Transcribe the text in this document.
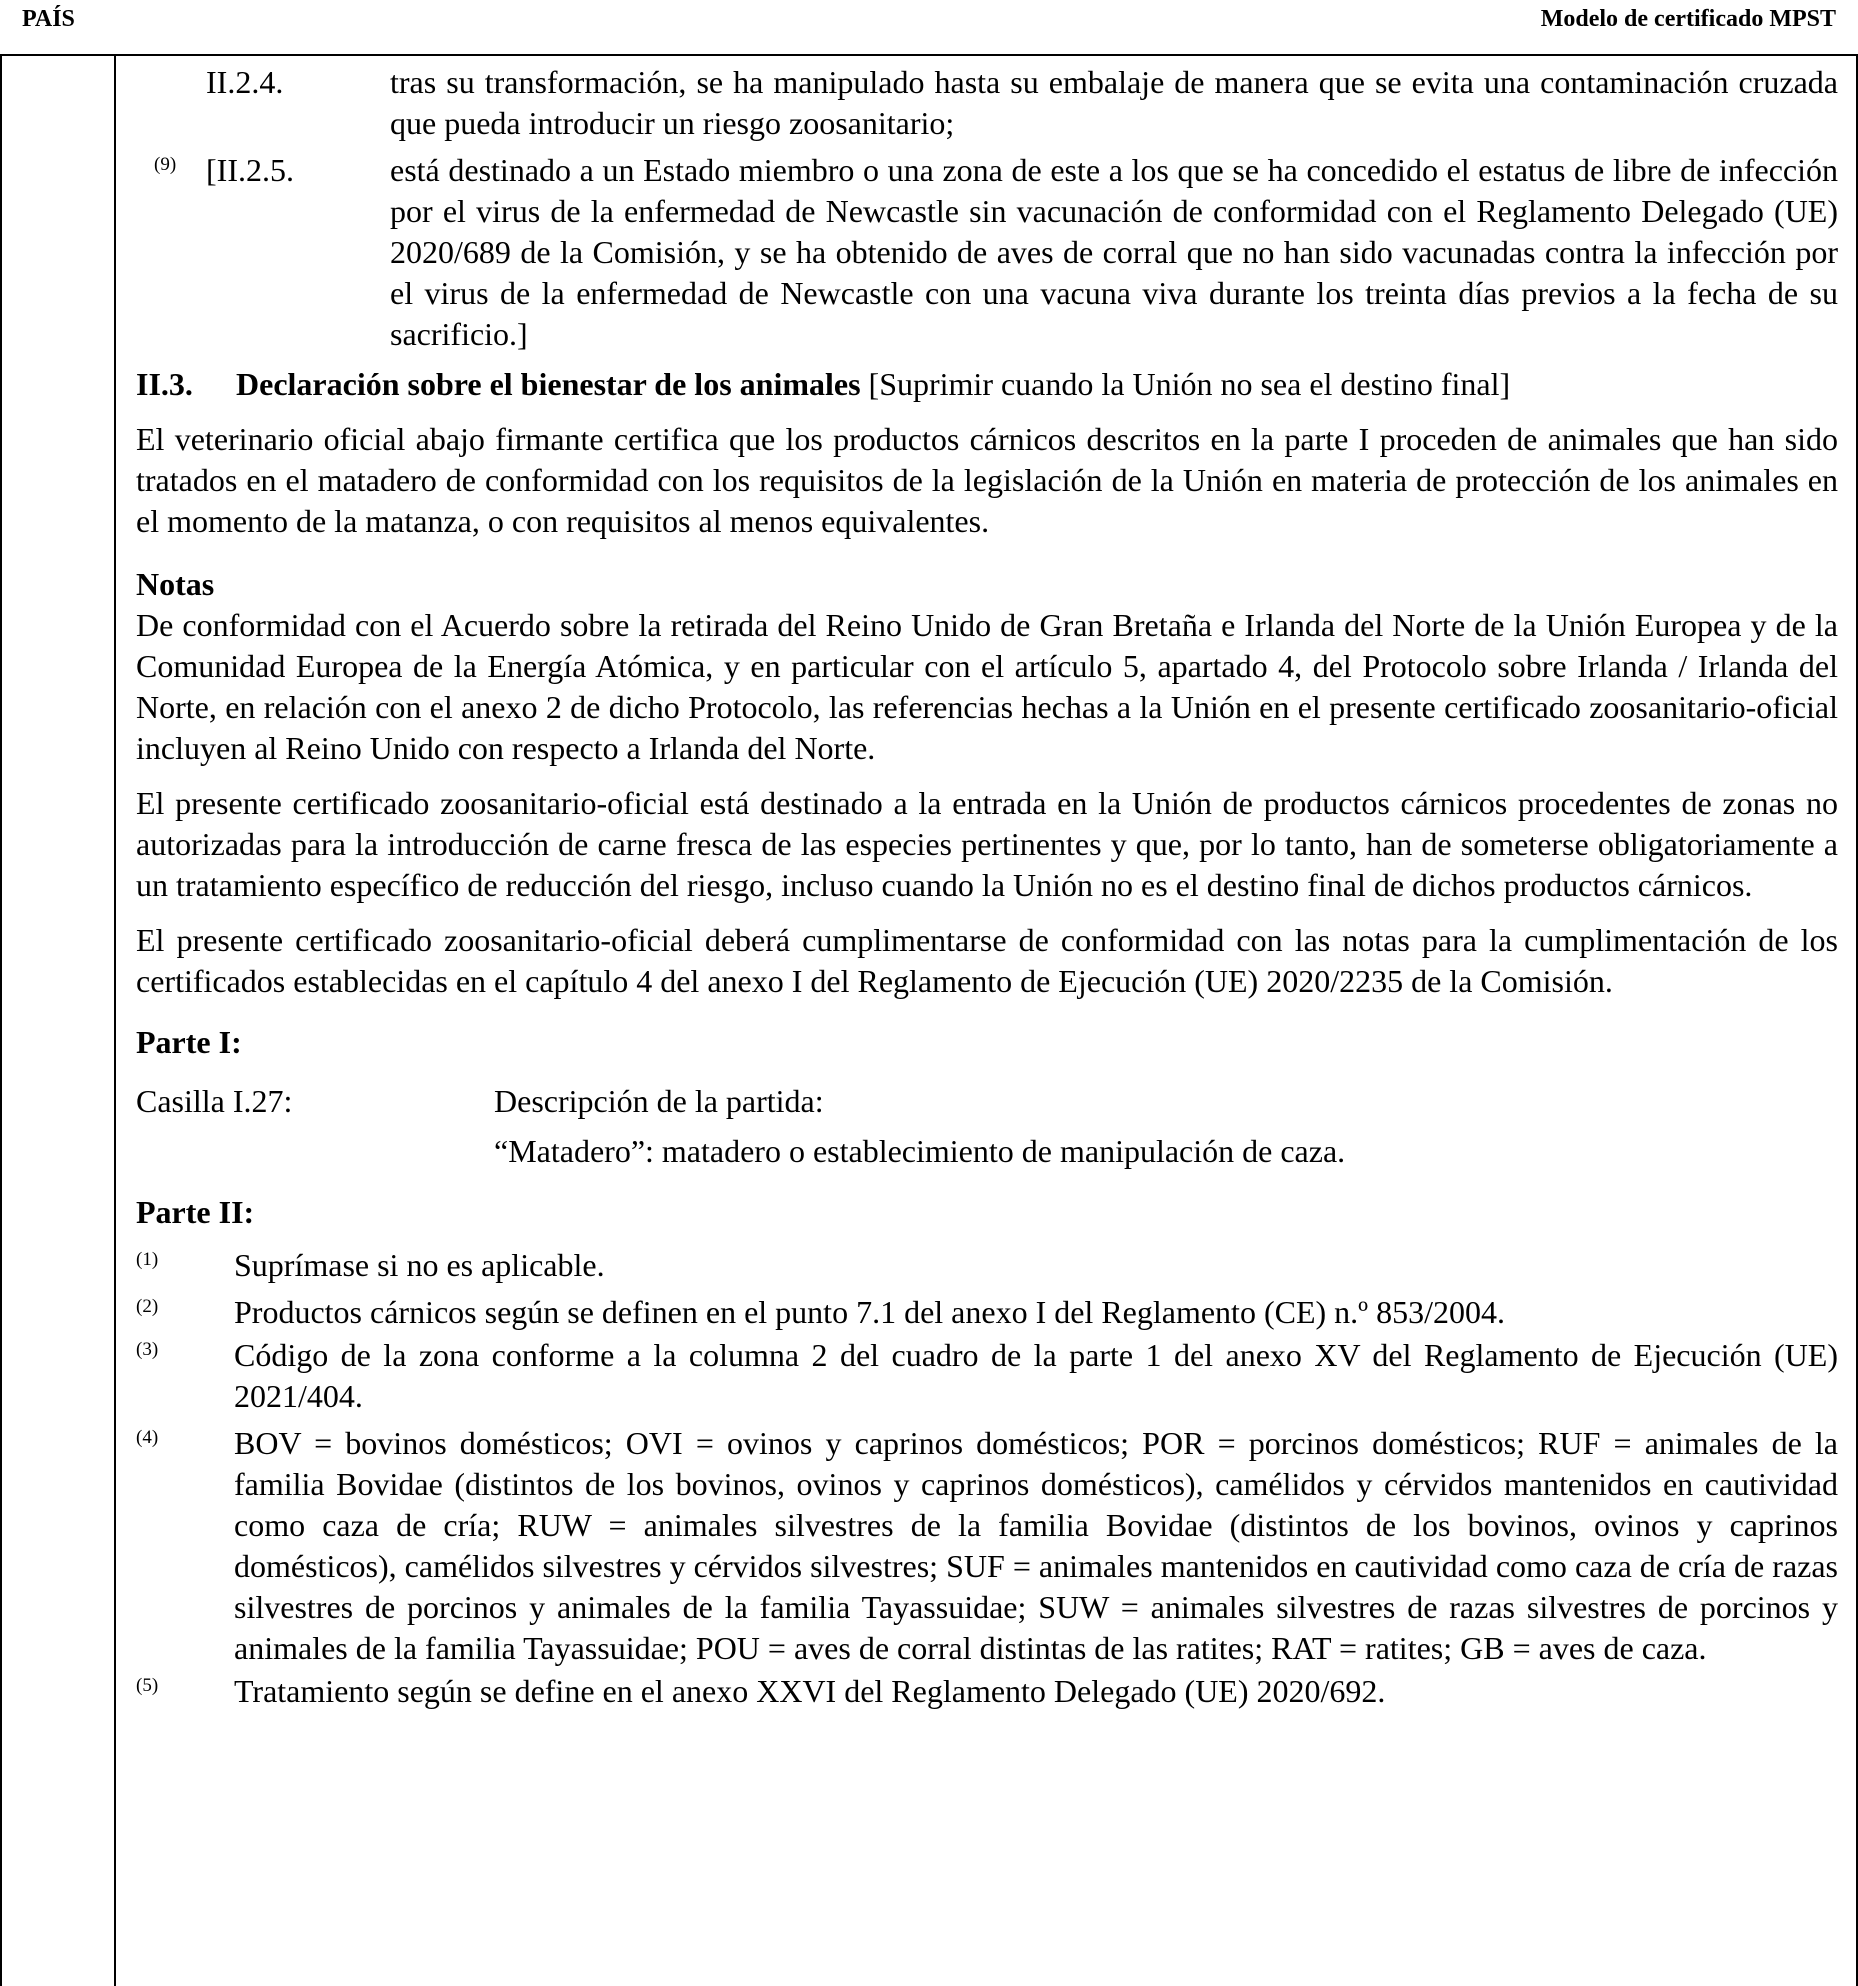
PAÍS	Modelo de certificado MPST
II.2.4.	tras su transformación, se ha manipulado hasta su embalaje de manera que se evita una contaminación cruzada que pueda introducir un riesgo zoosanitario;
(9) [II.2.5.	está destinado a un Estado miembro o una zona de este a los que se ha concedido el estatus de libre de infección por el virus de la enfermedad de Newcastle sin vacunación de conformidad con el Reglamento Delegado (UE) 2020/689 de la Comisión, y se ha obtenido de aves de corral que no han sido vacunadas contra la infección por el virus de la enfermedad de Newcastle con una vacuna viva durante los treinta días previos a la fecha de su sacrificio.]
II.3. Declaración sobre el bienestar de los animales [Suprimir cuando la Unión no sea el destino final]

El veterinario oficial abajo firmante certifica que los productos cárnicos descritos en la parte I proceden de animales que han sido tratados en el matadero de conformidad con los requisitos de la legislación de la Unión en materia de protección de los animales en el momento de la matanza, o con requisitos al menos equivalentes.

Notas

De conformidad con el Acuerdo sobre la retirada del Reino Unido de Gran Bretaña e Irlanda del Norte de la Unión Europea y de la Comunidad Europea de la Energía Atómica, y en particular con el artículo 5, apartado 4, del Protocolo sobre Irlanda / Irlanda del Norte, en relación con el anexo 2 de dicho Protocolo, las referencias hechas a la Unión en el presente certificado zoosanitario-oficial incluyen al Reino Unido con respecto a Irlanda del Norte.

El presente certificado zoosanitario-oficial está destinado a la entrada en la Unión de productos cárnicos procedentes de zonas no autorizadas para la introducción de carne fresca de las especies pertinentes y que, por lo tanto, han de someterse obligatoriamente a un tratamiento específico de reducción del riesgo, incluso cuando la Unión no es el destino final de dichos productos cárnicos.

El presente certificado zoosanitario-oficial deberá cumplimentarse de conformidad con las notas para la cumplimentación de los certificados establecidas en el capítulo 4 del anexo I del Reglamento de Ejecución (UE) 2020/2235 de la Comisión.

Parte I:
Casilla I.27:	Descripción de la partida:
“Matadero”: matadero o establecimiento de manipulación de caza.
Parte II:
(1) Suprímase si no es aplicable.
(2) Productos cárnicos según se definen en el punto 7.1 del anexo I del Reglamento (CE) n.º 853/2004.
(3) Código de la zona conforme a la columna 2 del cuadro de la parte 1 del anexo XV del Reglamento de Ejecución (UE) 2021/404.
(4) BOV = bovinos domésticos; OVI = ovinos y caprinos domésticos; POR = porcinos domésticos; RUF = animales de la familia Bovidae (distintos de los bovinos, ovinos y caprinos domésticos), camélidos y cérvidos mantenidos en cautividad como caza de cría; RUW = animales silvestres de la familia Bovidae (distintos de los bovinos, ovinos y caprinos domésticos), camélidos silvestres y cérvidos silvestres; SUF = animales mantenidos en cautividad como caza de cría de razas silvestres de porcinos y animales de la familia Tayassuidae; SUW = animales silvestres de razas silvestres de porcinos y animales de la familia Tayassuidae; POU = aves de corral distintas de las ratites; RAT = ratites; GB = aves de caza.
(5) Tratamiento según se define en el anexo XXVI del Reglamento Delegado (UE) 2020/692.
